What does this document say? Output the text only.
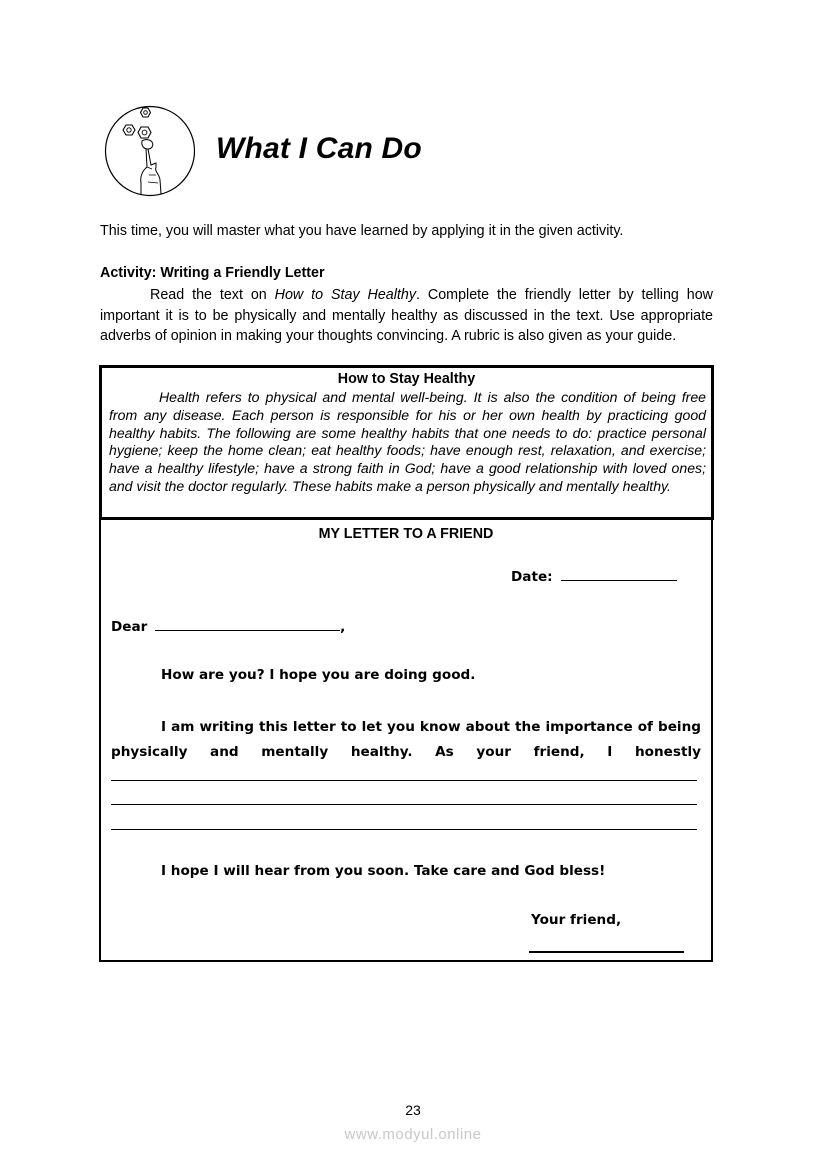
What I Can Do
This time, you will master what you have learned by applying it in the given activity.
Activity: Writing a Friendly Letter
Read the text on How to Stay Healthy. Complete the friendly letter by telling how important it is to be physically and mentally healthy as discussed in the text. Use appropriate adverbs of opinion in making your thoughts convincing. A rubric is also given as your guide.
How to Stay Healthy
Health refers to physical and mental well-being. It is also the condition of being free from any disease. Each person is responsible for his or her own health by practicing good healthy habits. The following are some healthy habits that one needs to do: practice personal hygiene; keep the home clean; eat healthy foods; have enough rest, relaxation, and exercise; have a healthy lifestyle; have a strong faith in God; have a good relationship with loved ones; and visit the doctor regularly. These habits make a person physically and mentally healthy.
MY LETTER TO A FRIEND
Date:
Dear	,
How are you? I hope you are doing good.
I am writing this letter to let you know about the importance of being physically and mentally healthy. As your friend, I honestly
I hope I will hear from you soon. Take care and God bless!
Your friend,
23
www.modyul.online
